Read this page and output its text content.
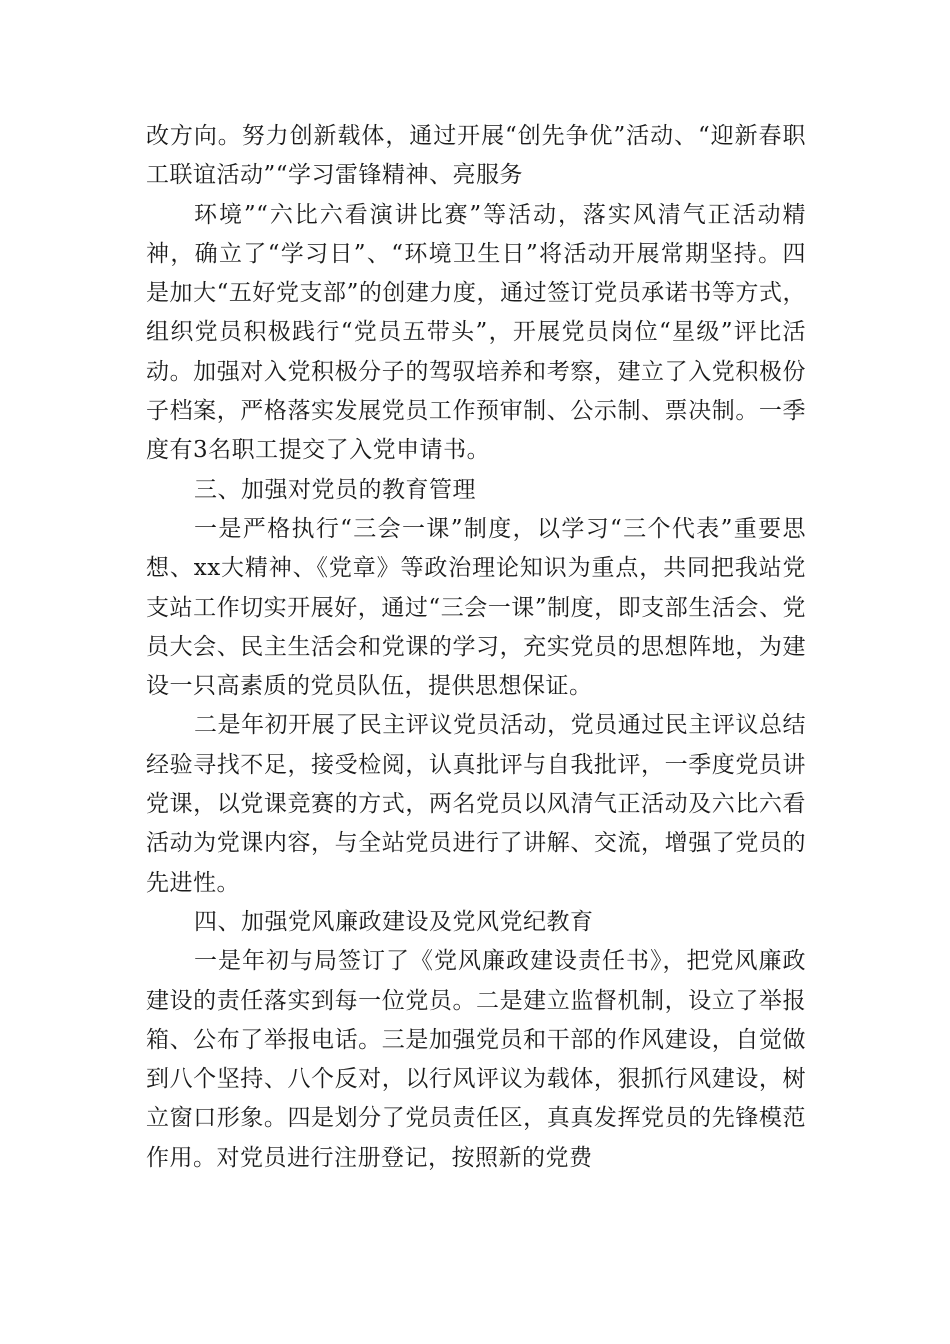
改方向。努力创新载体，通过开展“创先争优”活动、“迎新春职工联谊活动”“学习雷锋精神、亮服务

环境”“六比六看演讲比赛”等活动，落实风清气正活动精神，确立了“学习日”、“环境卫生日”将活动开展常期坚持。四是加大“五好党支部”的创建力度，通过签订党员承诺书等方式，组织党员积极践行“党员五带头”，开展党员岗位“星级”评比活动。加强对入党积极分子的驾驭培养和考察，建立了入党积极份子档案，严格落实发展党员工作预审制、公示制、票决制。一季度有3名职工提交了入党申请书。

三、加强对党员的教育管理

一是严格执行“三会一课”制度，以学习“三个代表”重要思想、xx大精神、《党章》等政治理论知识为重点，共同把我站党支站工作切实开展好，通过“三会一课”制度，即支部生活会、党员大会、民主生活会和党课的学习，充实党员的思想阵地，为建设一只高素质的党员队伍，提供思想保证。

二是年初开展了民主评议党员活动，党员通过民主评议总结经验寻找不足，接受检阅，认真批评与自我批评，一季度党员讲党课，以党课竞赛的方式，两名党员以风清气正活动及六比六看活动为党课内容，与全站党员进行了讲解、交流，增强了党员的先进性。

四、加强党风廉政建设及党风党纪教育

一是年初与局签订了《党风廉政建设责任书》，把党风廉政建设的责任落实到每一位党员。二是建立监督机制，设立了举报箱、公布了举报电话。三是加强党员和干部的作风建设，自觉做到八个坚持、八个反对，以行风评议为载体，狠抓行风建设，树立窗口形象。四是划分了党员责任区，真真发挥党员的先锋模范作用。对党员进行注册登记，按照新的党费
